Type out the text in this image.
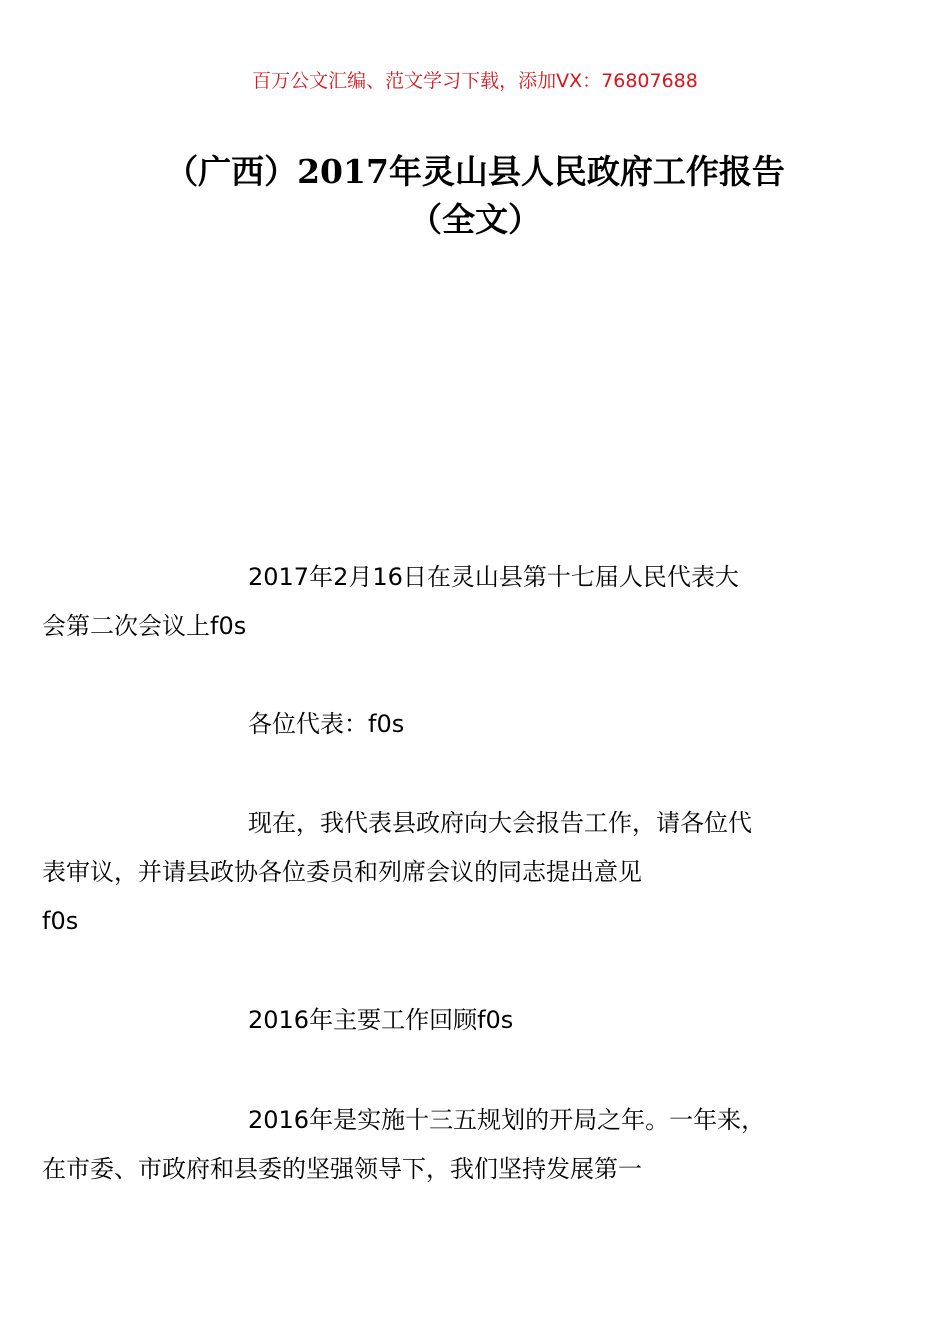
百万公文汇编、范文学习下载，添加VX：76807688
（广西）2017年灵山县人民政府工作报告
（全文）

2017年2月16日在灵山县第十七届人民代表大
会第二次会议上f0s

各位代表：f0s

现在，我代表县政府向大会报告工作，请各位代
表审议，并请县政协各位委员和列席会议的同志提出意见
f0s

2016年主要工作回顾f0s

2016年是实施十三五规划的开局之年。一年来，
在市委、市政府和县委的坚强领导下，我们坚持发展第一
